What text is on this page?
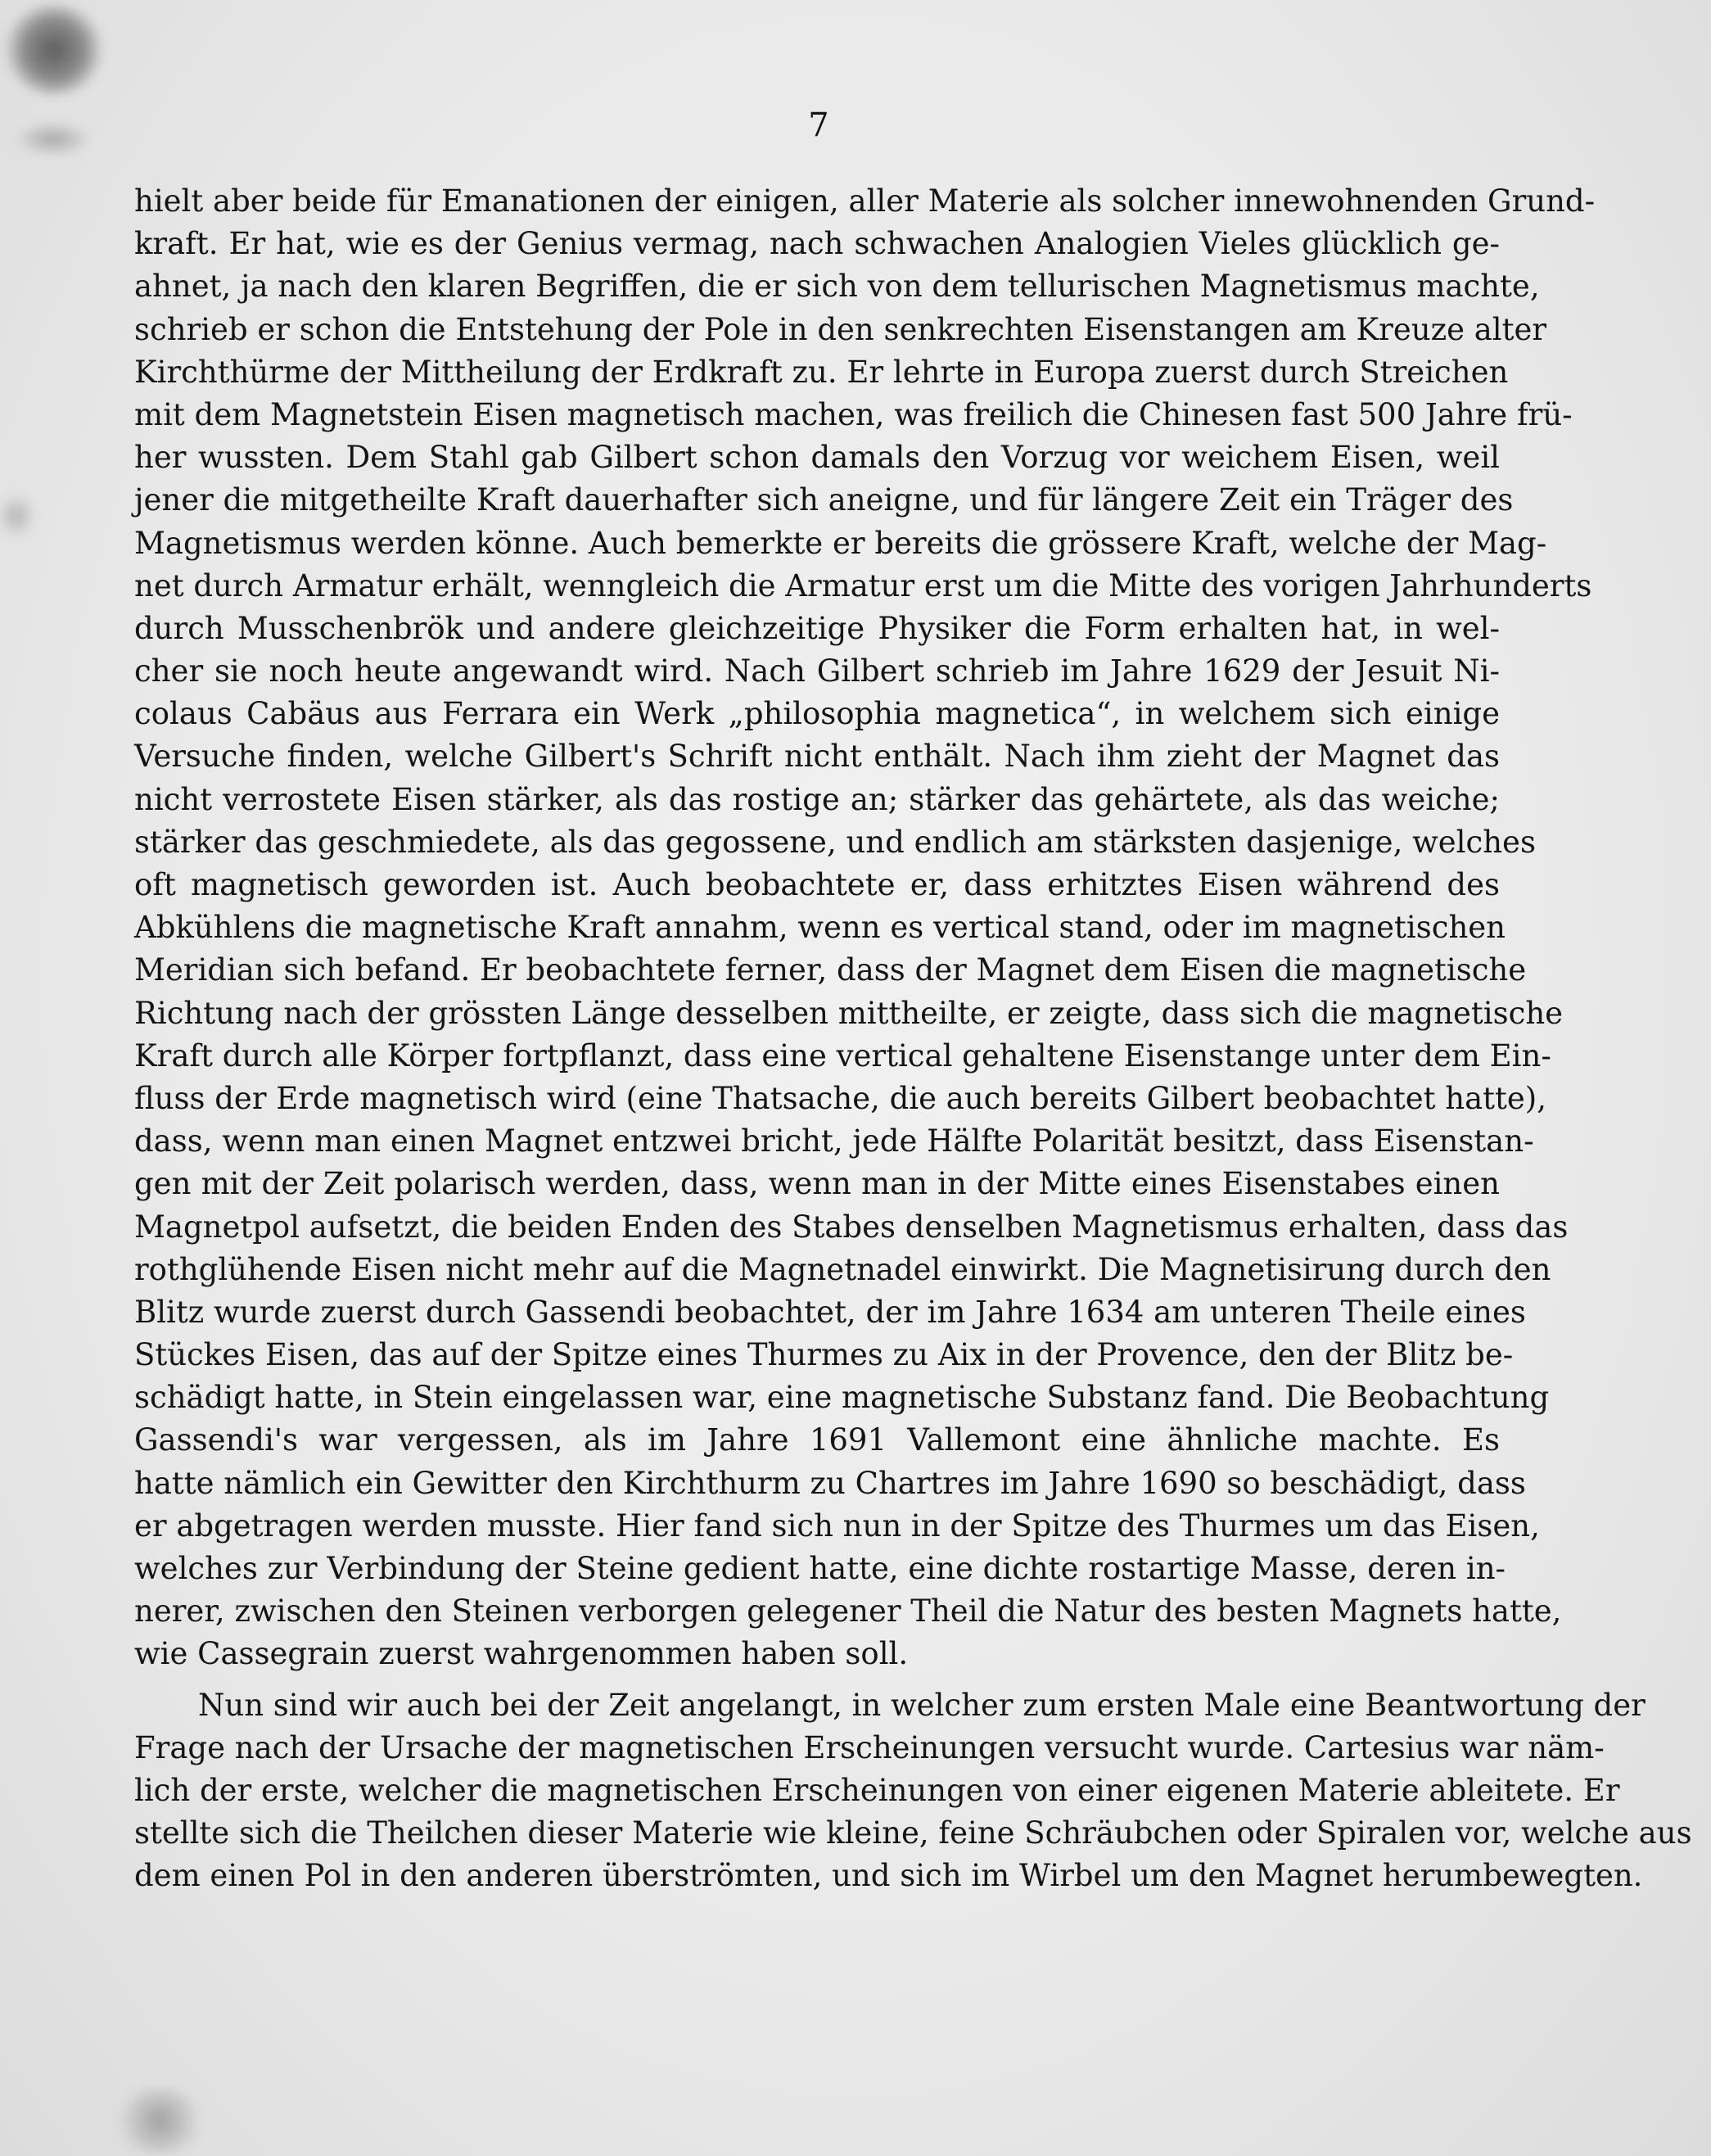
7
hielt aber beide für Emanationen der einigen, aller Materie als solcher innewohnenden Grund-
kraft. Er hat, wie es der Genius vermag, nach schwachen Analogien Vieles glücklich ge-
ahnet, ja nach den klaren Begriffen, die er sich von dem tellurischen Magnetismus machte,
schrieb er schon die Entstehung der Pole in den senkrechten Eisenstangen am Kreuze alter
Kirchthürme der Mittheilung der Erdkraft zu. Er lehrte in Europa zuerst durch Streichen
mit dem Magnetstein Eisen magnetisch machen, was freilich die Chinesen fast 500 Jahre frü-
her wussten. Dem Stahl gab Gilbert schon damals den Vorzug vor weichem Eisen, weil
jener die mitgetheilte Kraft dauerhafter sich aneigne, und für längere Zeit ein Träger des
Magnetismus werden könne. Auch bemerkte er bereits die grössere Kraft, welche der Mag-
net durch Armatur erhält, wenngleich die Armatur erst um die Mitte des vorigen Jahrhunderts
durch Musschenbrök und andere gleichzeitige Physiker die Form erhalten hat, in wel-
cher sie noch heute angewandt wird. Nach Gilbert schrieb im Jahre 1629 der Jesuit Ni-
colaus Cabäus aus Ferrara ein Werk „philosophia magnetica“, in welchem sich einige
Versuche finden, welche Gilbert's Schrift nicht enthält. Nach ihm zieht der Magnet das
nicht verrostete Eisen stärker, als das rostige an; stärker das gehärtete, als das weiche;
stärker das geschmiedete, als das gegossene, und endlich am stärksten dasjenige, welches
oft magnetisch geworden ist. Auch beobachtete er, dass erhitztes Eisen während des
Abkühlens die magnetische Kraft annahm, wenn es vertical stand, oder im magnetischen
Meridian sich befand. Er beobachtete ferner, dass der Magnet dem Eisen die magnetische
Richtung nach der grössten Länge desselben mittheilte, er zeigte, dass sich die magnetische
Kraft durch alle Körper fortpflanzt, dass eine vertical gehaltene Eisenstange unter dem Ein-
fluss der Erde magnetisch wird (eine Thatsache, die auch bereits Gilbert beobachtet hatte),
dass, wenn man einen Magnet entzwei bricht, jede Hälfte Polarität besitzt, dass Eisenstan-
gen mit der Zeit polarisch werden, dass, wenn man in der Mitte eines Eisenstabes einen
Magnetpol aufsetzt, die beiden Enden des Stabes denselben Magnetismus erhalten, dass das
rothglühende Eisen nicht mehr auf die Magnetnadel einwirkt. Die Magnetisirung durch den
Blitz wurde zuerst durch Gassendi beobachtet, der im Jahre 1634 am unteren Theile eines
Stückes Eisen, das auf der Spitze eines Thurmes zu Aix in der Provence, den der Blitz be-
schädigt hatte, in Stein eingelassen war, eine magnetische Substanz fand. Die Beobachtung
Gassendi's war vergessen, als im Jahre 1691 Vallemont eine ähnliche machte. Es
hatte nämlich ein Gewitter den Kirchthurm zu Chartres im Jahre 1690 so beschädigt, dass
er abgetragen werden musste. Hier fand sich nun in der Spitze des Thurmes um das Eisen,
welches zur Verbindung der Steine gedient hatte, eine dichte rostartige Masse, deren in-
nerer, zwischen den Steinen verborgen gelegener Theil die Natur des besten Magnets hatte,
wie Cassegrain zuerst wahrgenommen haben soll.
Nun sind wir auch bei der Zeit angelangt, in welcher zum ersten Male eine Beantwortung der
Frage nach der Ursache der magnetischen Erscheinungen versucht wurde. Cartesius war näm-
lich der erste, welcher die magnetischen Erscheinungen von einer eigenen Materie ableitete. Er
stellte sich die Theilchen dieser Materie wie kleine, feine Schräubchen oder Spiralen vor, welche aus
dem einen Pol in den anderen überströmten, und sich im Wirbel um den Magnet herumbewegten.
